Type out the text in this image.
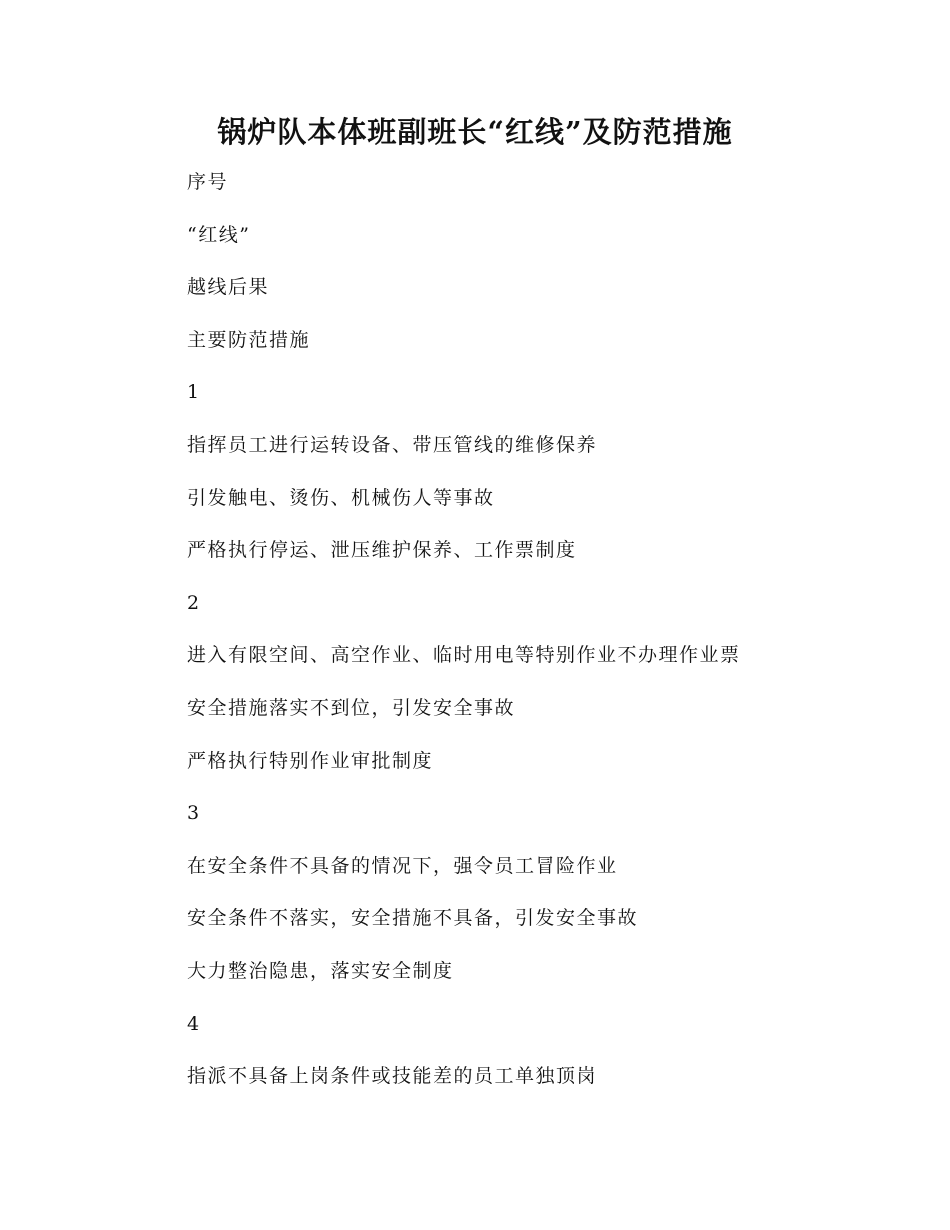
锅炉队本体班副班长“红线”及防范措施
序号
“红线”
越线后果
主要防范措施
1
指挥员工进行运转设备、带压管线的维修保养
引发触电、烫伤、机械伤人等事故
严格执行停运、泄压维护保养、工作票制度
2
进入有限空间、高空作业、临时用电等特别作业不办理作业票
安全措施落实不到位，引发安全事故
严格执行特别作业审批制度
3
在安全条件不具备的情况下，强令员工冒险作业
安全条件不落实，安全措施不具备，引发安全事故
大力整治隐患，落实安全制度
4
指派不具备上岗条件或技能差的员工单独顶岗
